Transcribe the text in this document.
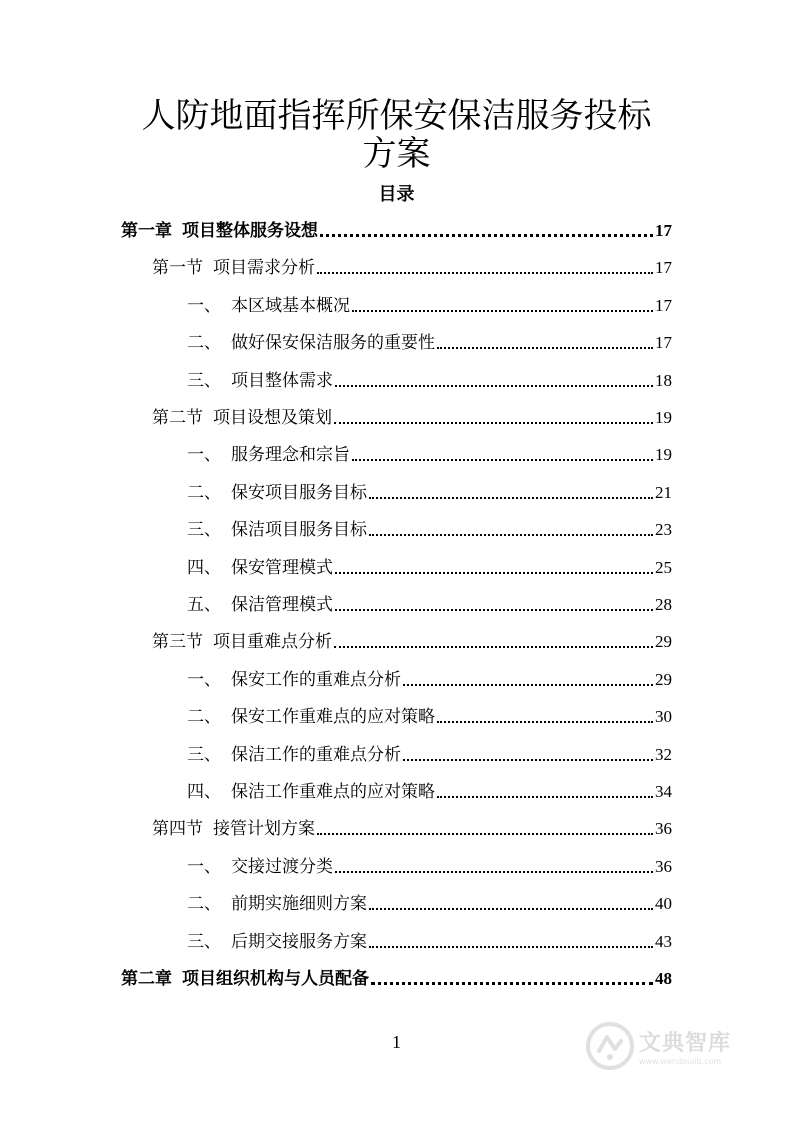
人防地面指挥所保安保洁服务投标
方案
目录
第一章 项目整体服务设想	17
第一节 项目需求分析	17
一、 本区域基本概况	17
二、 做好保安保洁服务的重要性	17
三、 项目整体需求	18
第二节 项目设想及策划	19
一、 服务理念和宗旨	19
二、 保安项目服务目标	21
三、 保洁项目服务目标	23
四、 保安管理模式	25
五、 保洁管理模式	28
第三节 项目重难点分析	29
一、 保安工作的重难点分析	29
二、 保安工作重难点的应对策略	30
三、 保洁工作的重难点分析	32
四、 保洁工作重难点的应对策略	34
第四节 接管计划方案	36
一、 交接过渡分类	36
二、 前期实施细则方案	40
三、 后期交接服务方案	43
第二章 项目组织机构与人员配备	48
1	文典智库
www.wendoulib.com
